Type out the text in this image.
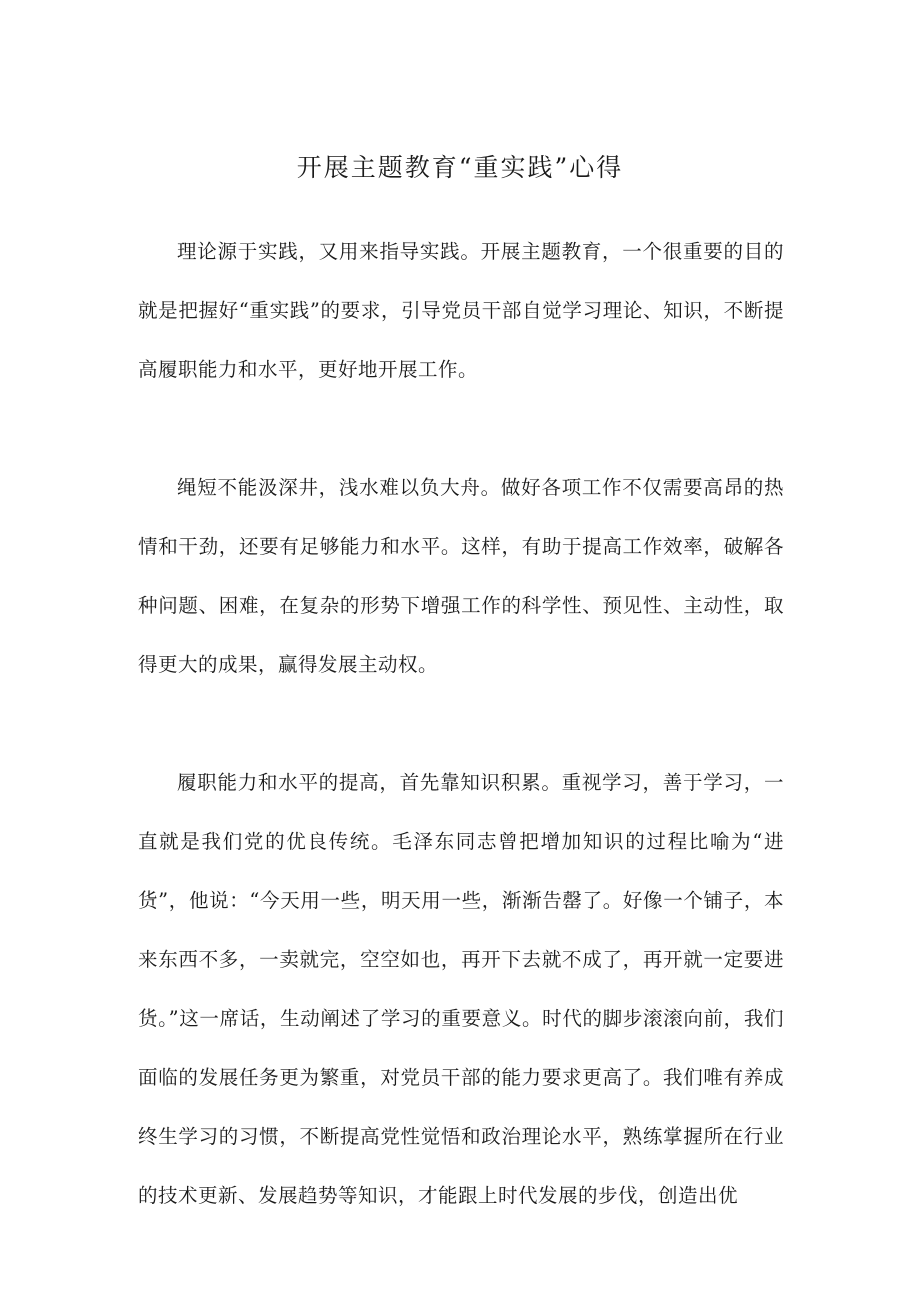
开展主题教育“重实践”心得

理论源于实践，又用来指导实践。开展主题教育，一个很重要的目的就是把握好“重实践”的要求，引导党员干部自觉学习理论、知识，不断提高履职能力和水平，更好地开展工作。

绳短不能汲深井，浅水难以负大舟。做好各项工作不仅需要高昂的热情和干劲，还要有足够能力和水平。这样，有助于提高工作效率，破解各种问题、困难，在复杂的形势下增强工作的科学性、预见性、主动性，取得更大的成果，赢得发展主动权。

履职能力和水平的提高，首先靠知识积累。重视学习，善于学习，一直就是我们党的优良传统。毛泽东同志曾把增加知识的过程比喻为“进货”，他说：“今天用一些，明天用一些，渐渐告罄了。好像一个铺子，本来东西不多，一卖就完，空空如也，再开下去就不成了，再开就一定要进货。”这一席话，生动阐述了学习的重要意义。时代的脚步滚滚向前，我们面临的发展任务更为繁重，对党员干部的能力要求更高了。我们唯有养成终生学习的习惯，不断提高党性觉悟和政治理论水平，熟练掌握所在行业的技术更新、发展趋势等知识，才能跟上时代发展的步伐，创造出优
